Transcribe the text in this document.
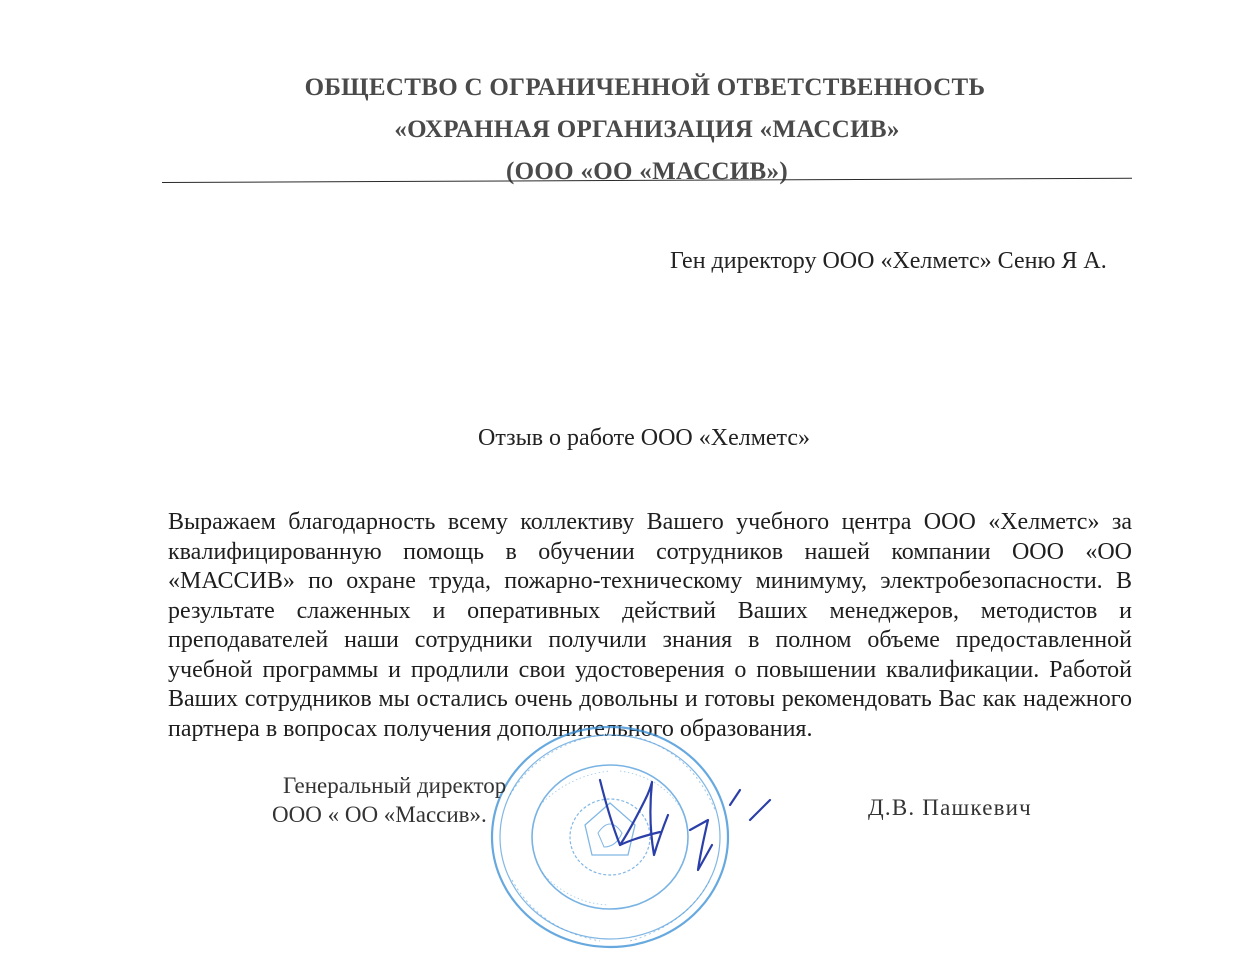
ОБЩЕСТВО С ОГРАНИЧЕННОЙ ОТВЕТСТВЕННОСТЬ
«ОХРАННАЯ ОРГАНИЗАЦИЯ «МАССИВ»
(ООО «ОО «МАССИВ»)
Ген директору ООО «Хелметс» Сеню Я А.
Отзыв о работе ООО «Хелметс»
Выражаем благодарность всему коллективу Вашего учебного центра ООО «Хелметс» за квалифицированную помощь в обучении сотрудников нашей компании ООО «ОО «МАССИВ» по охране труда, пожарно-техническому минимуму, электробезопасности. В результате слаженных и оперативных действий Ваших менеджеров, методистов и преподавателей наши сотрудники получили знания в полном объеме предоставленной учебной программы и продлили свои удостоверения о повышении квалификации. Работой Ваших сотрудников мы остались очень довольны и готовы рекомендовать Вас как надежного партнера в вопросах получения дополнительного образования.
Генеральный директор
ООО « ОО «Массив».	Д.В. Пашкевич
